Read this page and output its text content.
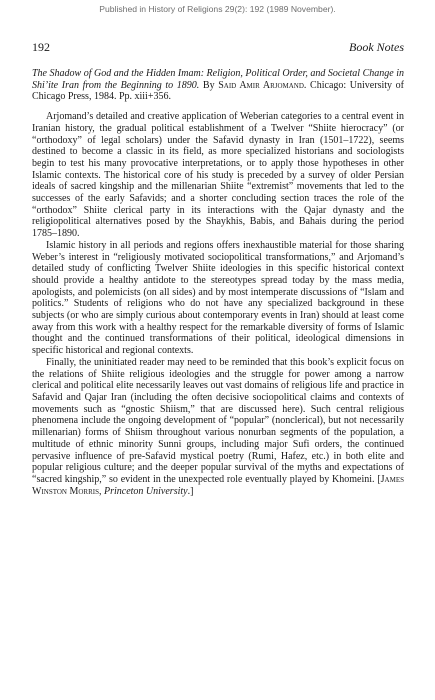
Published in History of Religions 29(2): 192 (1989 November).
192	Book Notes

The Shadow of God and the Hidden Imam: Religion, Political Order, and Societal Change in Shi’ite Iran from the Beginning to 1890. By Said Amir Arjomand. Chicago: University of Chicago Press, 1984. Pp. xiii+356.

Arjomand’s detailed and creative application of Weberian categories to a central event in Iranian history, the gradual political establishment of a Twelver “Shiite hierocracy” (or “orthodoxy” of legal scholars) under the Safavid dynasty in Iran (1501–1722), seems destined to become a classic in its field, as more specialized historians and sociologists begin to test his many provocative interpretations, or to apply those hypotheses in other Islamic contexts. The historical core of his study is preceded by a survey of older Persian ideals of sacred kingship and the millenarian Shiite “extremist” movements that led to the successes of the early Safavids; and a shorter concluding section traces the role of the “orthodox” Shiite clerical party in its interactions with the Qajar dynasty and the religiopolitical alternatives posed by the Shaykhis, Babis, and Bahais during the period 1785–1890.

Islamic history in all periods and regions offers inexhaustible material for those sharing Weber’s interest in “religiously motivated sociopolitical transformations,” and Arjomand’s detailed study of conflicting Twelver Shiite ideologies in this specific historical context should provide a healthy antidote to the stereotypes spread today by the mass media, apologists, and polemicists (on all sides) and by most intemperate discussions of “Islam and politics.” Students of religions who do not have any specialized background in these subjects (or who are simply curious about contemporary events in Iran) should at least come away from this work with a healthy respect for the remarkable diversity of forms of Islamic thought and the continued transformations of their political, ideological dimensions in specific historical and regional contexts.

Finally, the uninitiated reader may need to be reminded that this book’s explicit focus on the relations of Shiite religious ideologies and the struggle for power among a narrow clerical and political elite necessarily leaves out vast domains of religious life and practice in Safavid and Qajar Iran (including the often decisive sociopolitical claims and contexts of movements such as “gnostic Shiism,” that are discussed here). Such central religious phenomena include the ongoing development of “popular” (nonclerical), but not necessarily millenarian) forms of Shiism throughout various nonurban segments of the population, a multitude of ethnic minority Sunni groups, including major Sufi orders, the continued pervasive influence of pre-Safavid mystical poetry (Rumi, Hafez, etc.) in both elite and popular religious culture; and the deeper popular survival of the myths and expectations of “sacred kingship,” so evident in the unexpected role eventually played by Khomeini. [James Winston Morris, Princeton University.]
